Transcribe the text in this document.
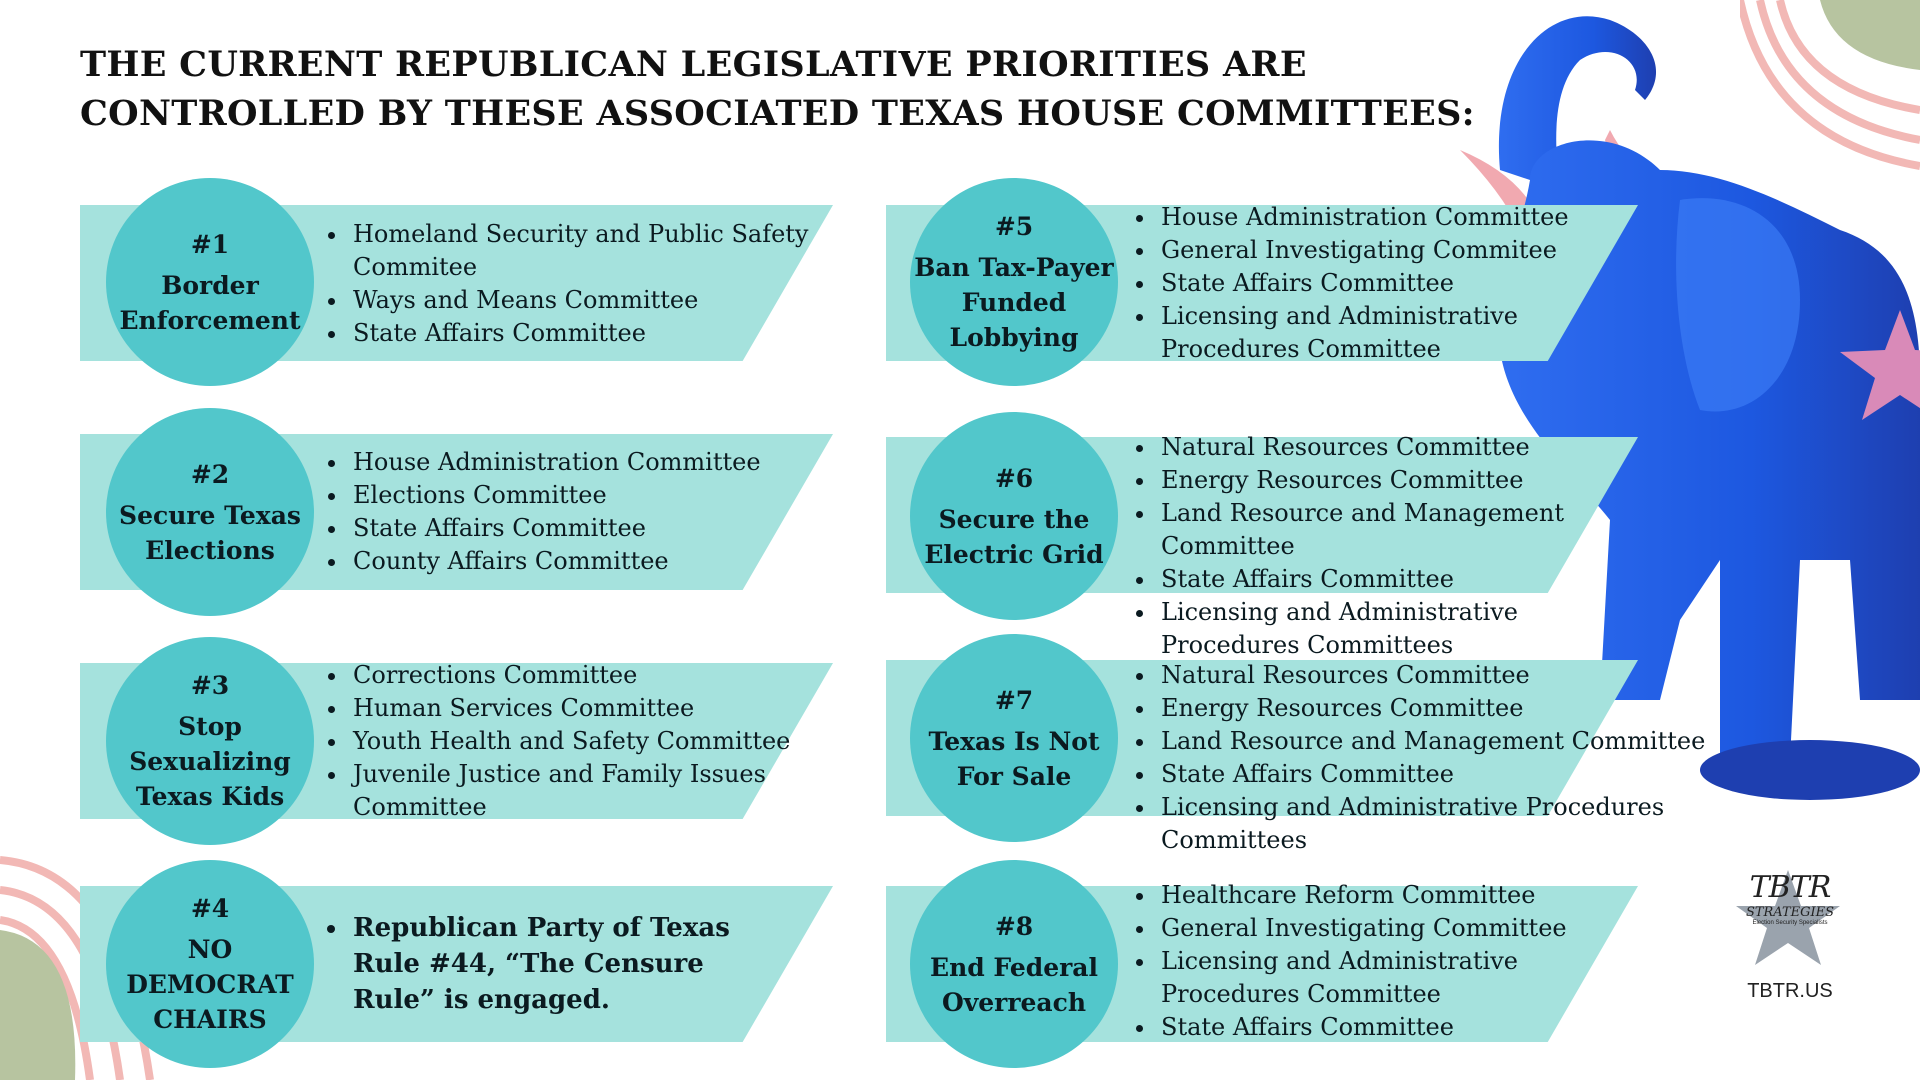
THE CURRENT REPUBLICAN LEGISLATIVE PRIORITIES ARE
CONTROLLED BY THESE ASSOCIATED TEXAS HOUSE COMMITTEES:
#1
Border
Enforcement
• Homeland Security and Public Safety Commitee
• Ways and Means Committee
• State Affairs Committee
#2
Secure Texas
Elections
• House Administration Committee
• Elections Committee
• State Affairs Committee
• County Affairs Committee
#3
Stop
Sexualizing
Texas Kids
• Corrections Committee
• Human Services Committee
• Youth Health and Safety Committee
• Juvenile Justice and Family Issues Committee
#4
NO
DEMOCRAT
CHAIRS
• Republican Party of Texas Rule #44, “The Censure Rule” is engaged.
#5
Ban Tax-Payer
Funded
Lobbying
• House Administration Committee
• General Investigating Commitee
• State Affairs Committee
• Licensing and Administrative Procedures Committee
#6
Secure the
Electric Grid
• Natural Resources Committee
• Energy Resources Committee
• Land Resource and Management Committee
• State Affairs Committee
• Licensing and Administrative Procedures Committees
#7
Texas Is Not
For Sale
• Natural Resources Committee
• Energy Resources Committee
• Land Resource and Management Committee
• State Affairs Committee
• Licensing and Administrative Procedures Committees
#8
End Federal
Overreach
• Healthcare Reform Committee
• General Investigating Committee
• Licensing and Administrative Procedures Committee
• State Affairs Committee
TBTR
STRATEGIES
Election Security Specialists
TBTR.US
